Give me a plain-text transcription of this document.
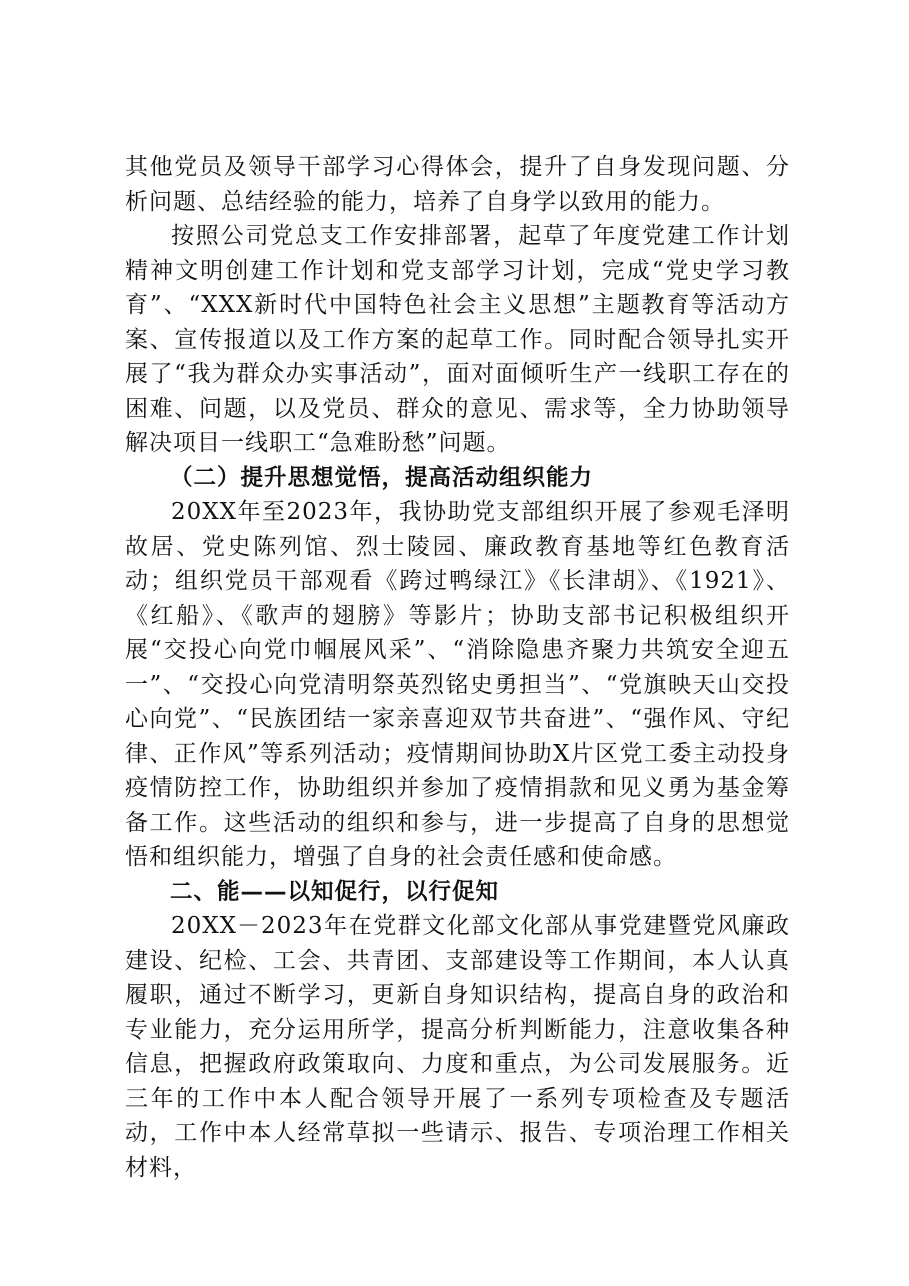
其他党员及领导干部学习心得体会，提升了自身发现问题、分析问题、总结经验的能力，培养了自身学以致用的能力。

按照公司党总支工作安排部署，起草了年度党建工作计划精神文明创建工作计划和党支部学习计划，完成“党史学习教育”、“XXX新时代中国特色社会主义思想”主题教育等活动方案、宣传报道以及工作方案的起草工作。同时配合领导扎实开展了“我为群众办实事活动”，面对面倾听生产一线职工存在的困难、问题，以及党员、群众的意见、需求等，全力协助领导解决项目一线职工“急难盼愁”问题。

（二）提升思想觉悟，提高活动组织能力

20XX年至2023年，我协助党支部组织开展了参观毛泽明故居、党史陈列馆、烈士陵园、廉政教育基地等红色教育活动；组织党员干部观看《跨过鸭绿江》《长津胡》、《1921》、《红船》、《歌声的翅膀》等影片；协助支部书记积极组织开展“交投心向党巾帼展风采”、“消除隐患齐聚力共筑安全迎五一”、“交投心向党清明祭英烈铭史勇担当”、“党旗映天山交投心向党”、“民族团结一家亲喜迎双节共奋进”、“强作风、守纪律、正作风”等系列活动；疫情期间协助X片区党工委主动投身疫情防控工作，协助组织并参加了疫情捐款和见义勇为基金筹备工作。这些活动的组织和参与，进一步提高了自身的思想觉悟和组织能力，增强了自身的社会责任感和使命感。

二、能——以知促行，以行促知

20XX－2023年在党群文化部文化部从事党建暨党风廉政建设、纪检、工会、共青团、支部建设等工作期间，本人认真履职，通过不断学习，更新自身知识结构，提高自身的政治和专业能力，充分运用所学，提高分析判断能力，注意收集各种信息，把握政府政策取向、力度和重点，为公司发展服务。近三年的工作中本人配合领导开展了一系列专项检查及专题活动，工作中本人经常草拟一些请示、报告、专项治理工作相关材料，
